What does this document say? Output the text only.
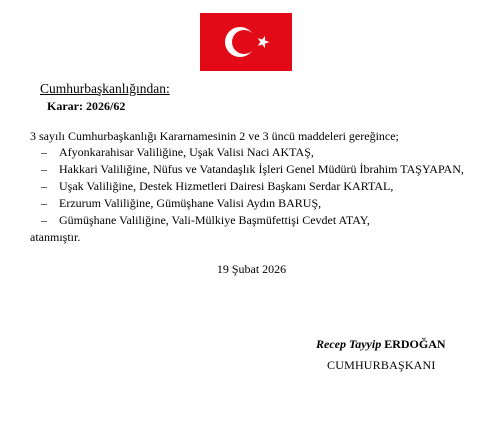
Cumhurbaşkanlığından:
Karar: 2026/62
3 sayılı Cumhurbaşkanlığı Kararnamesinin 2 ve 3 üncü maddeleri gereğince;
– Afyonkarahisar Valiliğine, Uşak Valisi Naci AKTAŞ,
– Hakkari Valiliğine, Nüfus ve Vatandaşlık İşleri Genel Müdürü İbrahim TAŞYAPAN,
– Uşak Valiliğine, Destek Hizmetleri Dairesi Başkanı Serdar KARTAL,
– Erzurum Valiliğine, Gümüşhane Valisi Aydın BARUŞ,
– Gümüşhane Valiliğine, Vali-Mülkiye Başmüfettişi Cevdet ATAY,
atanmıştır.
19 Şubat 2026
Recep Tayyip ERDOĞAN
CUMHURBAŞKANI
